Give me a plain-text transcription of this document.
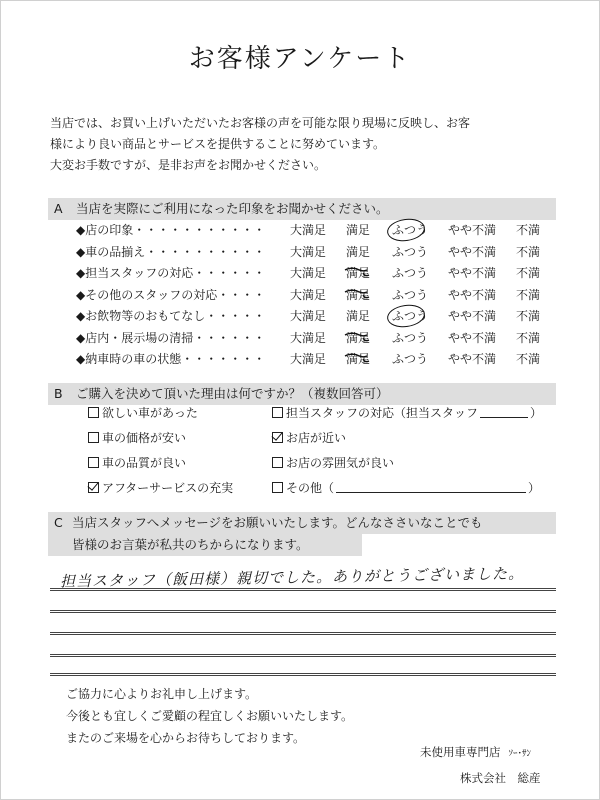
お客様アンケート
当店では、お買い上げいただいたお客様の声を可能な限り現場に反映し、お客
様により良い商品とサービスを提供することに努めています。
大変お手数ですが、是非お声をお聞かせください。
A 当店を実際にご利用になった印象をお聞かせください。
◆店の印象・・・・・・・・・・・ 大満足 満足 ふつう やや不満 不満
◆車の品揃え・・・・・・・・・・ 大満足 満足 ふつう やや不満 不満
◆担当スタッフの対応・・・・・・ 大満足 満足 ふつう やや不満 不満
◆その他のスタッフの対応・・・・ 大満足 満足 ふつう やや不満 不満
◆お飲物等のおもてなし・・・・・ 大満足 満足 ふつう やや不満 不満
◆店内・展示場の清掃・・・・・・ 大満足 満足 ふつう やや不満 不満
◆納車時の車の状態・・・・・・・ 大満足 満足 ふつう やや不満 不満
B ご購入を決めて頂いた理由は何ですか？（複数回答可）
欲しい車があった
車の価格が安い
車の品質が良い
アフターサービスの充実
担当スタッフの対応（担当スタッフ	）
お店が近い
お店の雰囲気が良い
その他（	）
C 当店スタッフへメッセージをお願いいたします。どんなささいなことでも
皆様のお言葉が私共のちからになります。
担当スタッフ（飯田様）親切でした。ありがとうございました。
ご協力に心よりお礼申し上げます。
今後とも宜しくご愛顧の程宜しくお願いいたします。
またのご来場を心からお待ちしております。
未使用車専門店 ｿｰ･ｻﾝ
株式会社　総産
